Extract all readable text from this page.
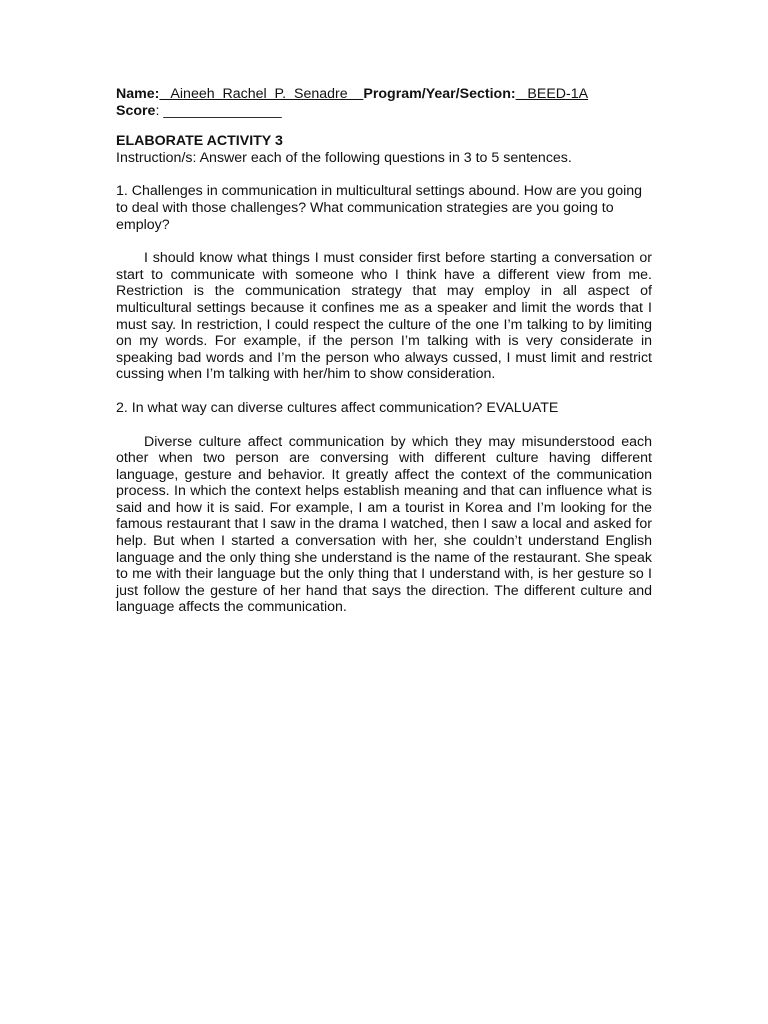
Name:   Aineeh  Rachel  P.  Senadre    Program/Year/Section:   BEED-1A
Score: _______________
ELABORATE ACTIVITY 3
Instruction/s: Answer each of the following questions in 3 to 5 sentences.
1. Challenges in communication in multicultural settings abound. How are you going to deal with those challenges? What communication strategies are you going to employ?
I should know what things I must consider first before starting a conversation or start to communicate with someone who I think have a different view from me. Restriction is the communication strategy that may employ in all aspect of multicultural settings because it confines me as a speaker and limit the words that I must say. In restriction, I could respect the culture of the one I’m talking to by limiting on my words. For example, if the person I’m talking with is very considerate in speaking bad words and I’m the person who always cussed, I must limit and restrict cussing when I’m talking with her/him to show consideration.
2. In what way can diverse cultures affect communication? EVALUATE
Diverse culture affect communication by which they may misunderstood each other when two person are conversing with different culture having different language, gesture and behavior. It greatly affect the context of the communication process. In which the context helps establish meaning and that can influence what is said and how it is said. For example, I am a tourist in Korea and I’m looking for the famous restaurant that I saw in the drama I watched, then I saw a local and asked for help. But when I started a conversation with her, she couldn’t understand English language and the only thing she understand is the name of the restaurant. She speak to me with their language but the only thing that I understand with, is her gesture so I just follow the gesture of her hand that says the direction. The different culture and language affects the communication.
